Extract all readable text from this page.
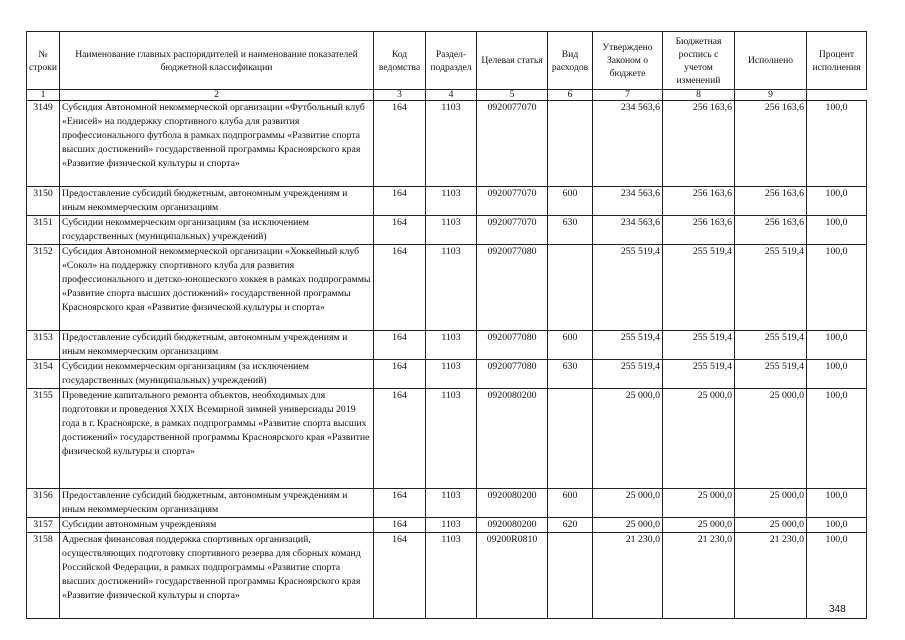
№ строки	Наименование главных распорядителей и наименование показателей бюджетной классификации	Код ведомства	Раздел-подраздел	Целевая статья	Вид расходов	Утверждено Законом о бюджете	Бюджетная роспись с учетом изменений	Исполнено	Процент исполнения
1	2	3	4	5	6	7	8	9	
3149	Субсидия Автономной некоммерческой организации «Футбольный клуб «Енисей» на поддержку спортивного клуба для развития профессионального футбола в рамках подпрограммы «Развитие спорта высших достижений» государственной программы Красноярского края «Развитие физической культуры и спорта»	164	1103	0920077070		234 563,6	256 163,6	256 163,6	100,0
3150	Предоставление субсидий бюджетным, автономным учреждениям и иным некоммерческим организациям	164	1103	0920077070	600	234 563,6	256 163,6	256 163,6	100,0
3151	Субсидии некоммерческим организациям (за исключением государственных (муниципальных) учреждений)	164	1103	0920077070	630	234 563,6	256 163,6	256 163,6	100,0
3152	Субсидия Автономной некоммерческой организации «Хоккейный клуб «Сокол» на поддержку спортивного клуба для развития профессионального и детско-юношеского хоккея в рамках подпрограммы «Развитие спорта высших достижений» государственной программы Красноярского края «Развитие физической культуры и спорта»	164	1103	0920077080		255 519,4	255 519,4	255 519,4	100,0
3153	Предоставление субсидий бюджетным, автономным учреждениям и иным некоммерческим организациям	164	1103	0920077080	600	255 519,4	255 519,4	255 519,4	100,0
3154	Субсидии некоммерческим организациям (за исключением государственных (муниципальных) учреждений)	164	1103	0920077080	630	255 519,4	255 519,4	255 519,4	100,0
3155	Проведение капитального ремонта объектов, необходимых для подготовки и проведения XXIX Всемирной зимней универсиады 2019 года в г. Красноярске, в рамках подпрограммы «Развитие спорта высших достижений» государственной программы Красноярского края «Развитие физической культуры и спорта»	164	1103	0920080200		25 000,0	25 000,0	25 000,0	100,0
3156	Предоставление субсидий бюджетным, автономным учреждениям и иным некоммерческим организациям	164	1103	0920080200	600	25 000,0	25 000,0	25 000,0	100,0
3157	Субсидии автономным учреждениям	164	1103	0920080200	620	25 000,0	25 000,0	25 000,0	100,0
3158	Адресная финансовая поддержка спортивных организаций, осуществляющих подготовку спортивного резерва для сборных команд Российской Федерации, в рамках подпрограммы «Развитие спорта высших достижений» государственной программы Красноярского края «Развитие физической культуры и спорта»	164	1103	09200R0810		21 230,0	21 230,0	21 230,0	100,0
348
